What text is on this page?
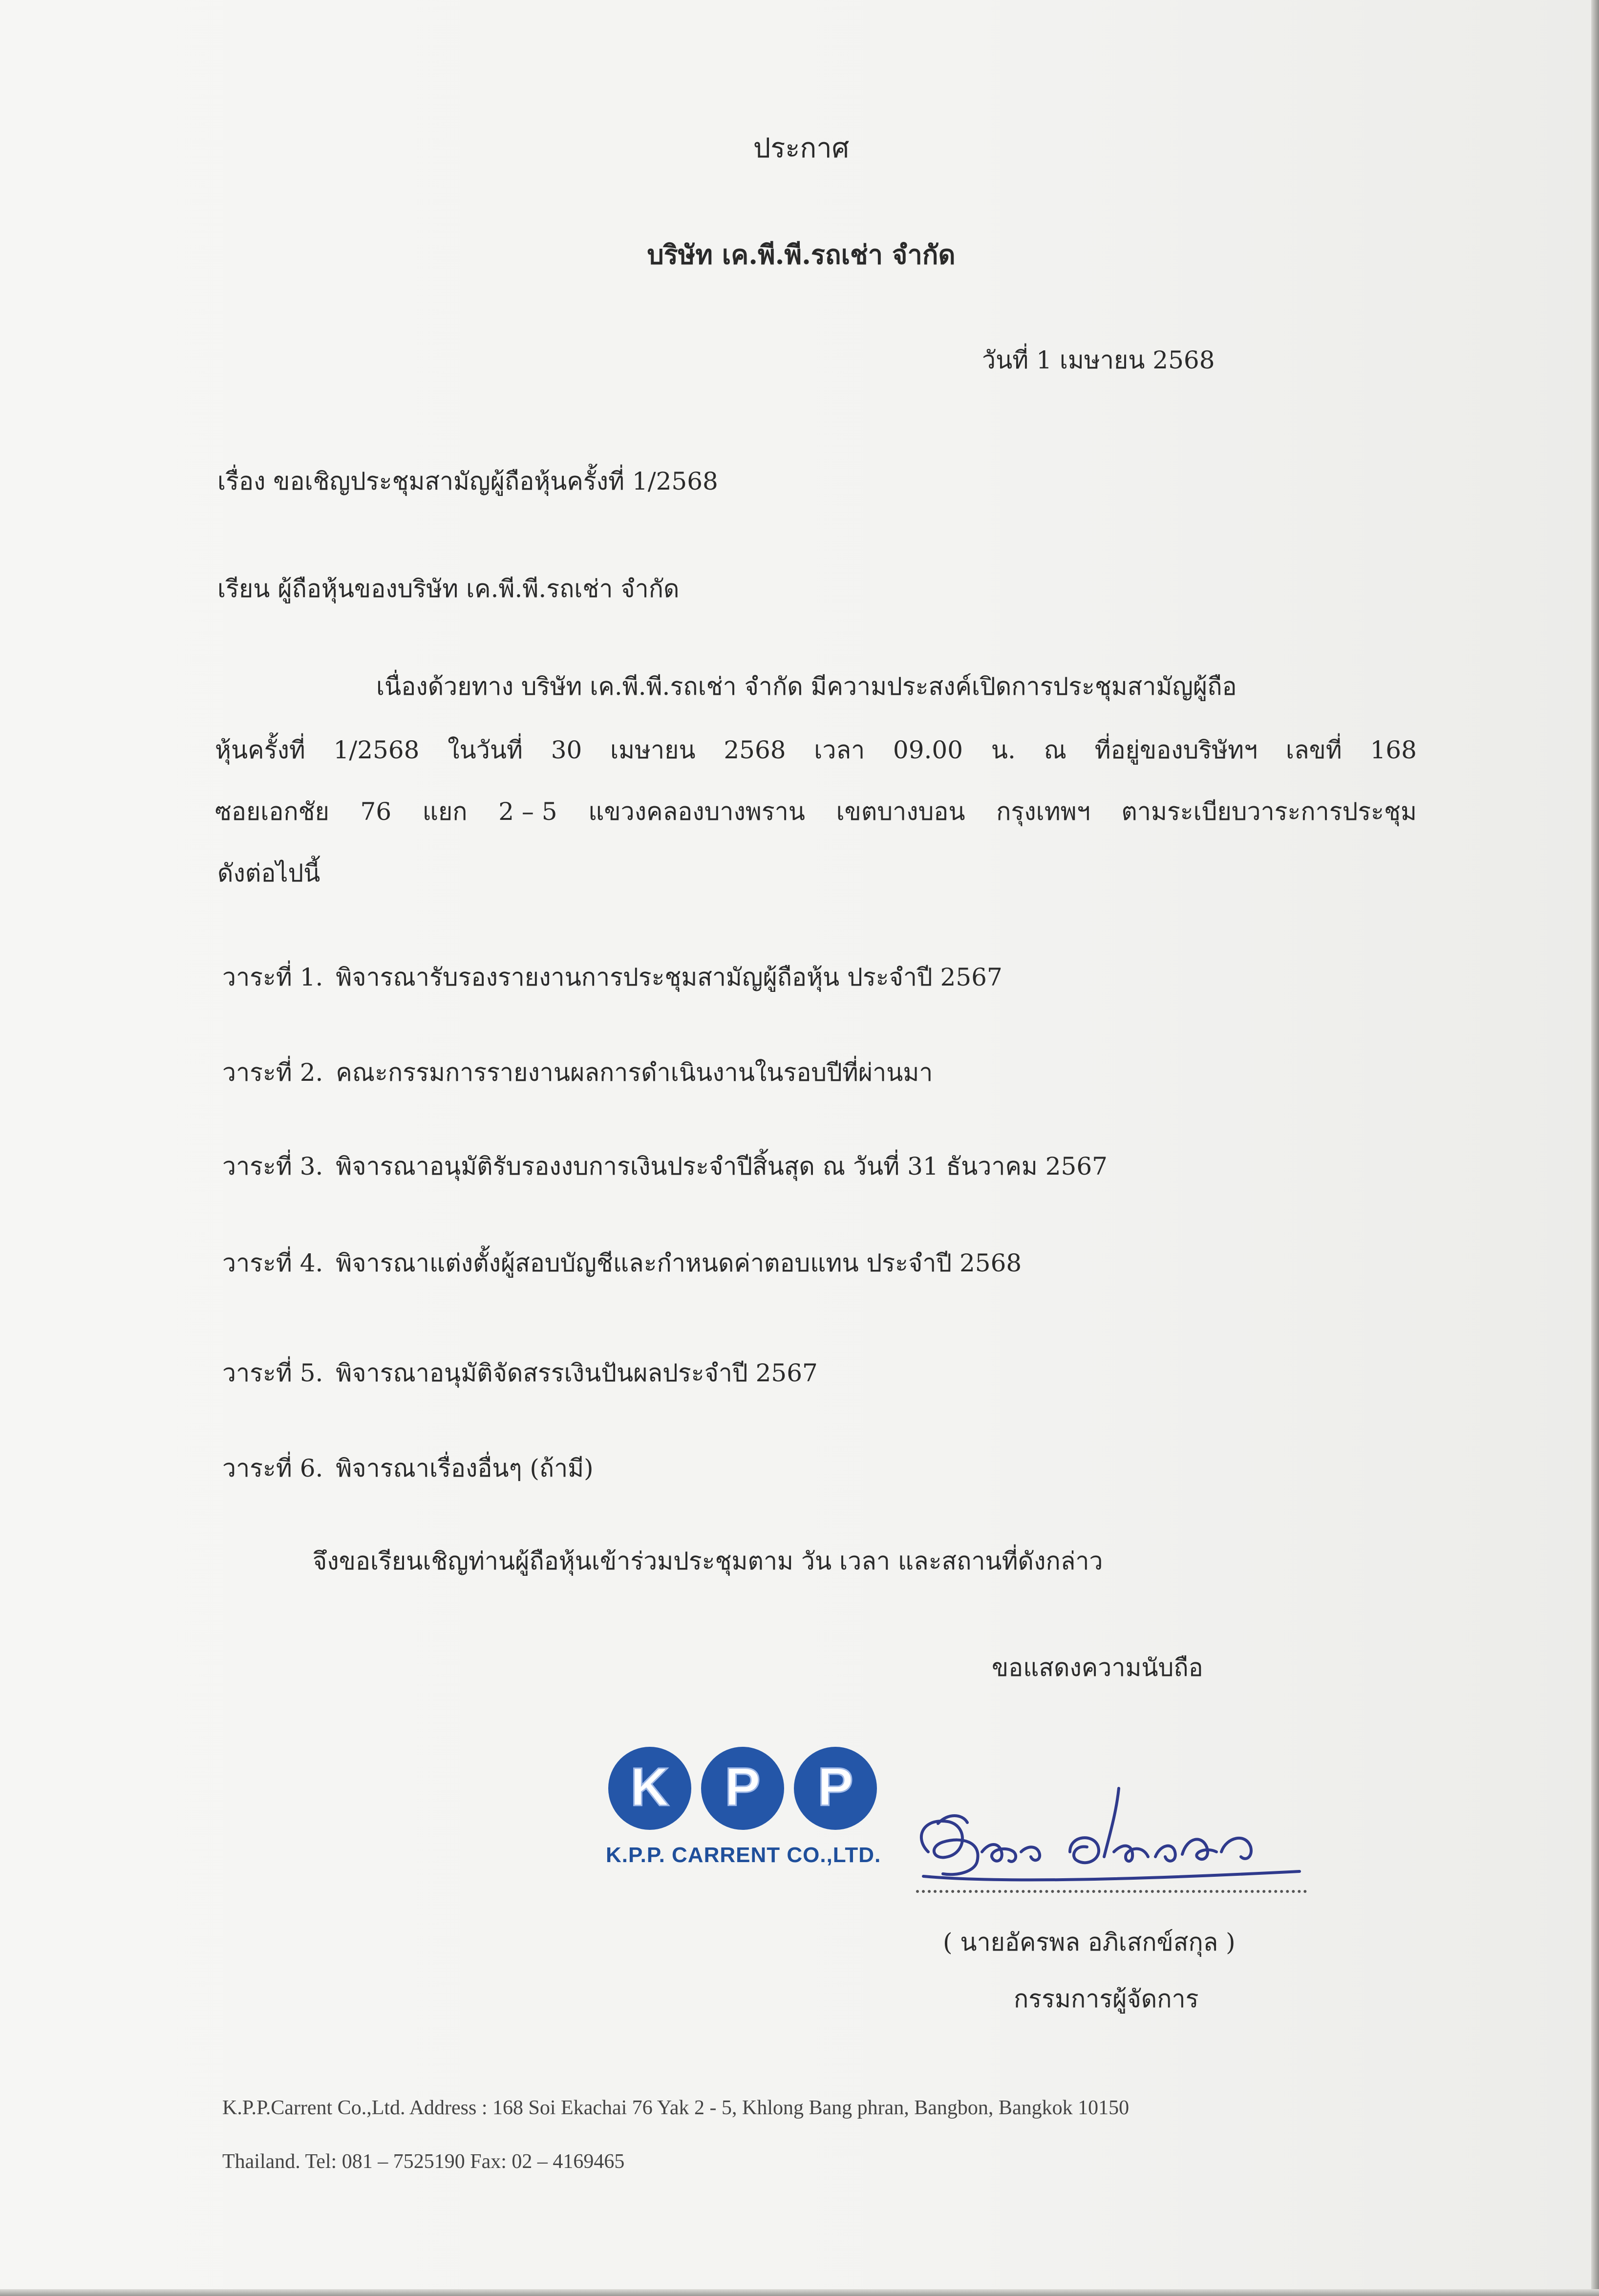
ประกาศ
บริษัท เค.พี.พี.รถเช่า จำกัด
วันที่ 1 เมษายน 2568
เรื่อง ขอเชิญประชุมสามัญผู้ถือหุ้นครั้งที่ 1/2568
เรียน ผู้ถือหุ้นของบริษัท เค.พี.พี.รถเช่า จำกัด
เนื่องด้วยทาง บริษัท เค.พี.พี.รถเช่า จำกัด มีความประสงค์เปิดการประชุมสามัญผู้ถือ
หุ้นครั้งที่ 1/2568 ในวันที่ 30 เมษายน 2568 เวลา 09.00 น. ณ ที่อยู่ของบริษัทฯ เลขที่ 168
ซอยเอกชัย 76 แยก 2 – 5 แขวงคลองบางพราน เขตบางบอน กรุงเทพฯ ตามระเบียบวาระการประชุม
ดังต่อไปนี้
วาระที่ 1. พิจารณารับรองรายงานการประชุมสามัญผู้ถือหุ้น ประจำปี 2567
วาระที่ 2. คณะกรรมการรายงานผลการดำเนินงานในรอบปีที่ผ่านมา
วาระที่ 3. พิจารณาอนุมัติรับรองงบการเงินประจำปีสิ้นสุด ณ วันที่ 31 ธันวาคม 2567
วาระที่ 4. พิจารณาแต่งตั้งผู้สอบบัญชีและกำหนดค่าตอบแทน ประจำปี 2568
วาระที่ 5. พิจารณาอนุมัติจัดสรรเงินปันผลประจำปี 2567
วาระที่ 6. พิจารณาเรื่องอื่นๆ (ถ้ามี)
จึงขอเรียนเชิญท่านผู้ถือหุ้นเข้าร่วมประชุมตาม วัน เวลา และสถานที่ดังกล่าว
ขอแสดงความนับถือ
K P P
K.P.P. CARRENT CO.,LTD.
( นายอัครพล อภิเสกข์สกุล )
กรรมการผู้จัดการ
K.P.P.Carrent Co.,Ltd. Address : 168 Soi Ekachai 76 Yak 2 - 5, Khlong Bang phran, Bangbon, Bangkok 10150
Thailand. Tel: 081 – 7525190 Fax: 02 – 4169465
